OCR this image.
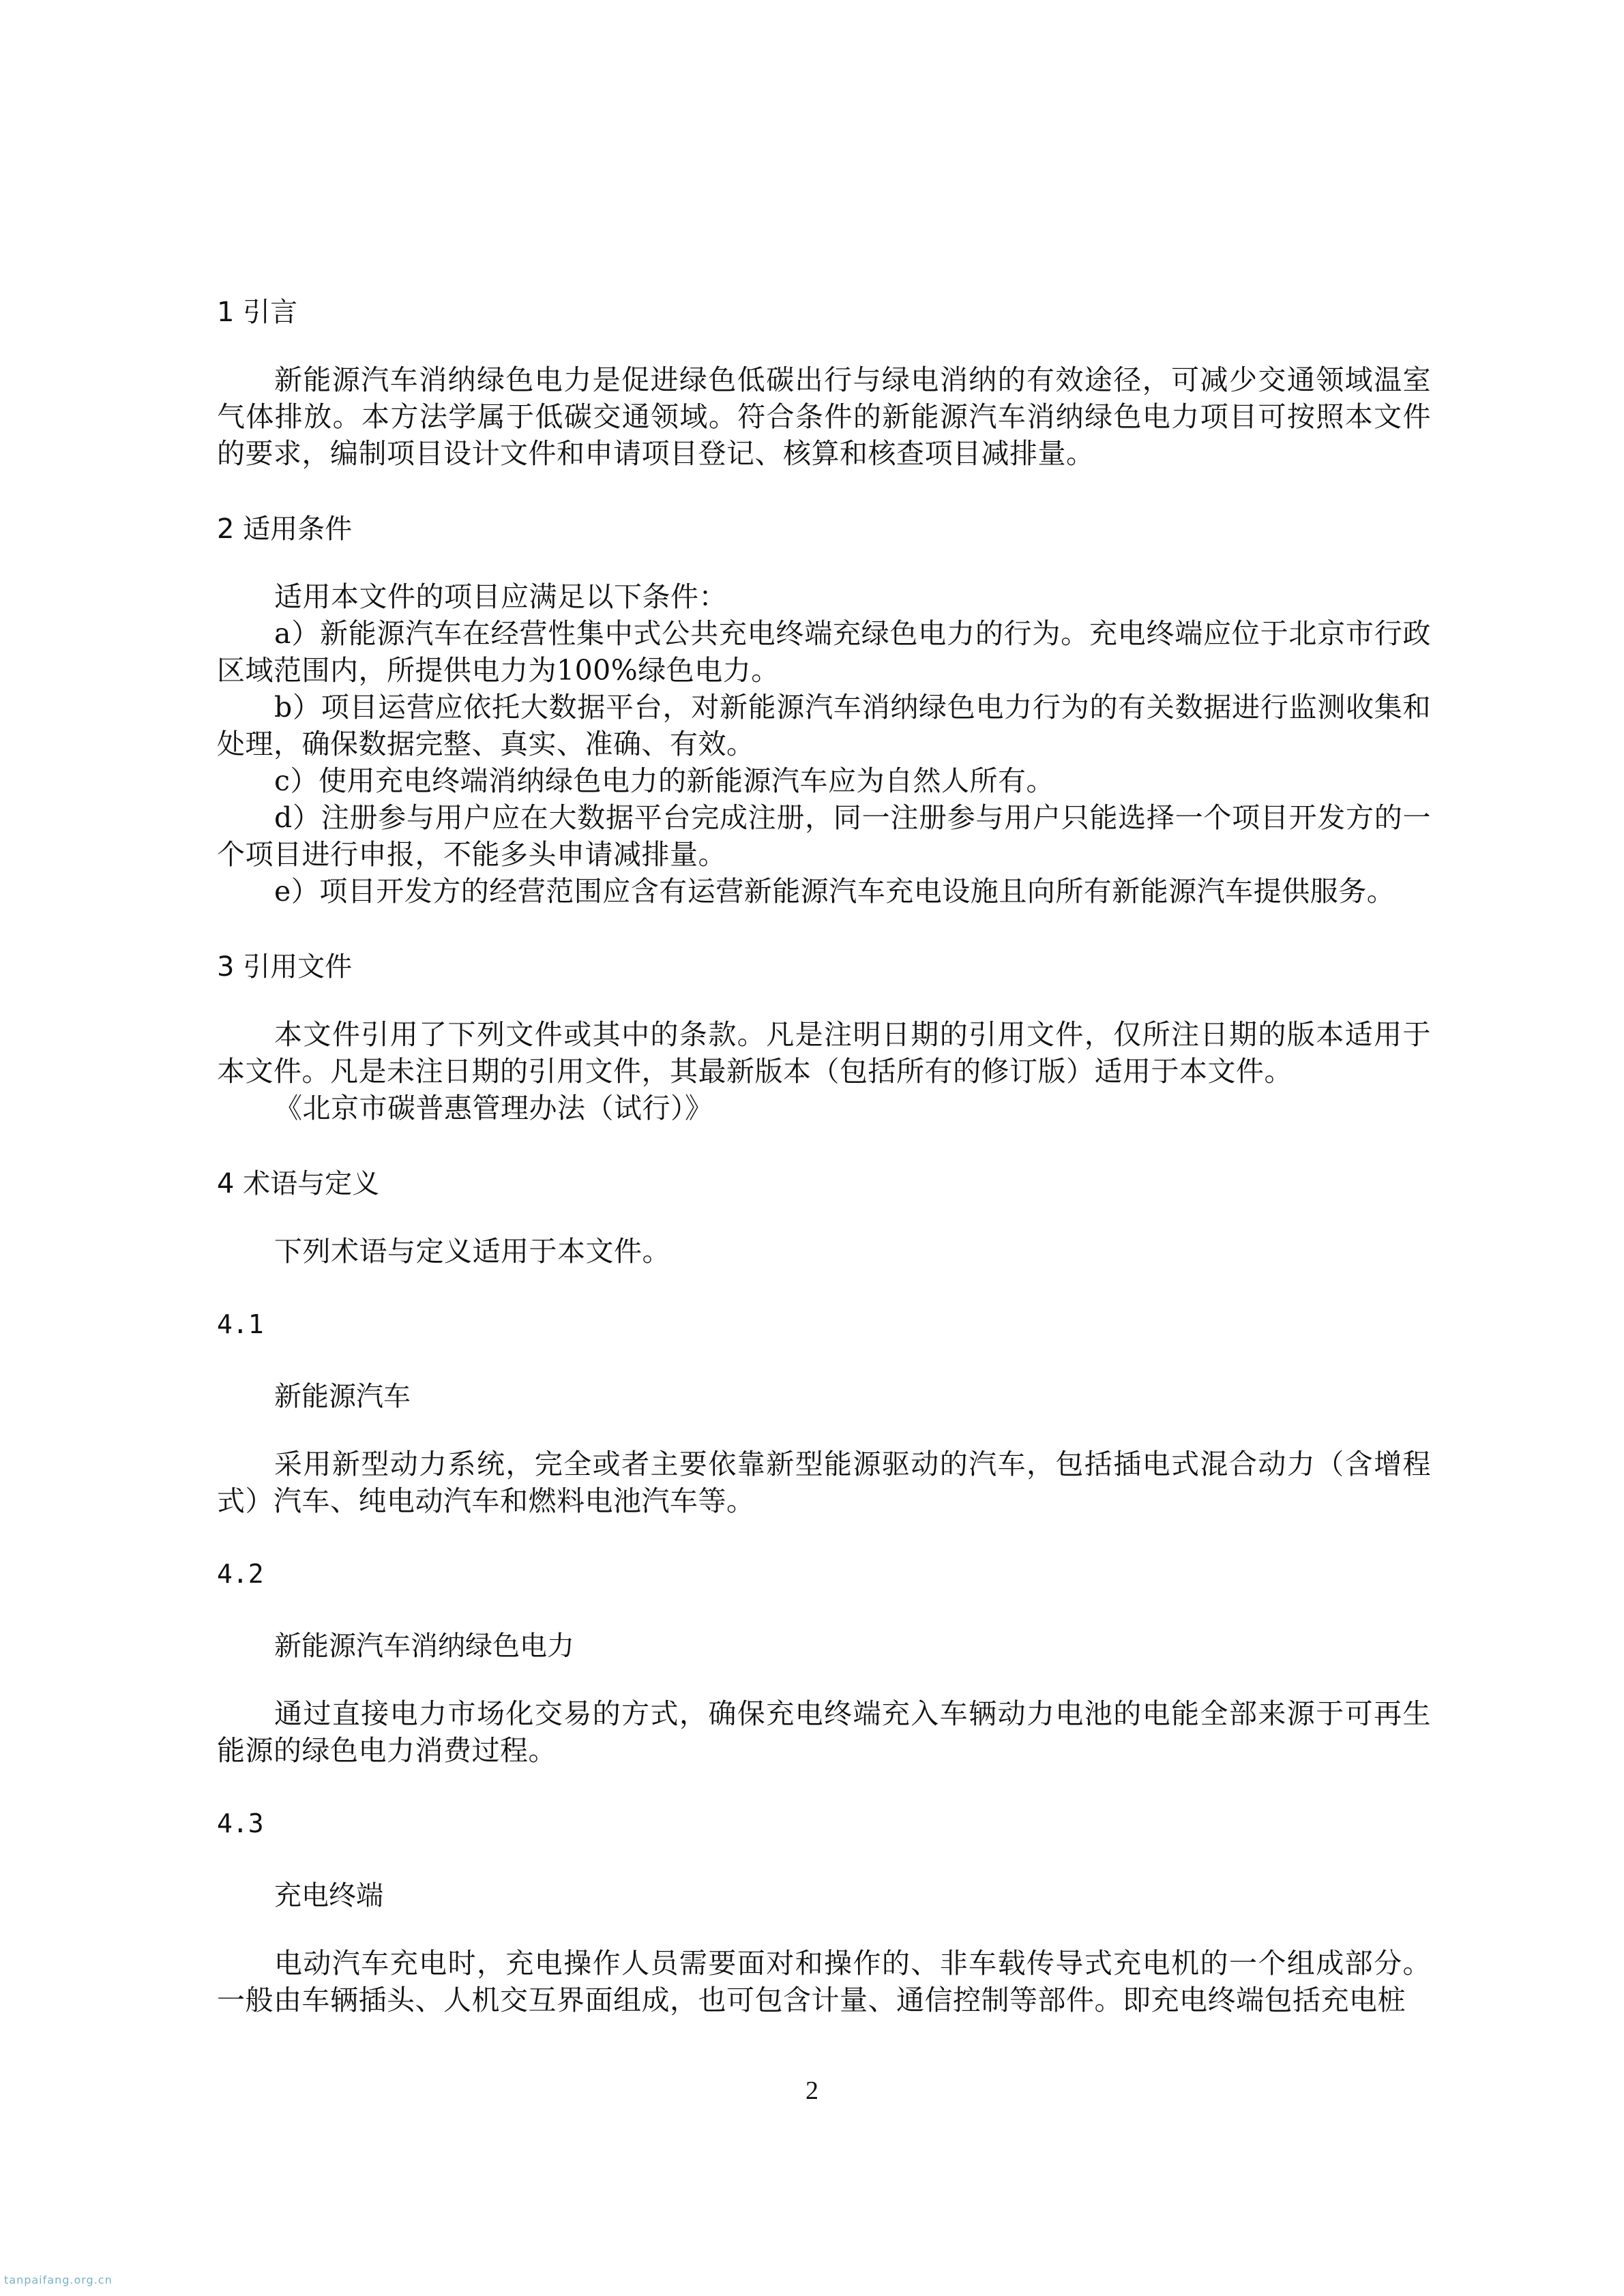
1 引言

新能源汽车消纳绿色电力是促进绿色低碳出行与绿电消纳的有效途径，可减少交通领域温室气体排放。本方法学属于低碳交通领域。符合条件的新能源汽车消纳绿色电力项目可按照本文件的要求，编制项目设计文件和申请项目登记、核算和核查项目减排量。

2 适用条件

适用本文件的项目应满足以下条件：

a）新能源汽车在经营性集中式公共充电终端充绿色电力的行为。充电终端应位于北京市行政区域范围内，所提供电力为100%绿色电力。

b）项目运营应依托大数据平台，对新能源汽车消纳绿色电力行为的有关数据进行监测收集和处理，确保数据完整、真实、准确、有效。

c）使用充电终端消纳绿色电力的新能源汽车应为自然人所有。

d）注册参与用户应在大数据平台完成注册，同一注册参与用户只能选择一个项目开发方的一个项目进行申报，不能多头申请减排量。

e）项目开发方的经营范围应含有运营新能源汽车充电设施且向所有新能源汽车提供服务。

3 引用文件

本文件引用了下列文件或其中的条款。凡是注明日期的引用文件，仅所注日期的版本适用于本文件。凡是未注日期的引用文件，其最新版本（包括所有的修订版）适用于本文件。

《北京市碳普惠管理办法（试行）》

4 术语与定义

下列术语与定义适用于本文件。

4.1

新能源汽车

采用新型动力系统，完全或者主要依靠新型能源驱动的汽车，包括插电式混合动力（含增程式）汽车、纯电动汽车和燃料电池汽车等。

4.2

新能源汽车消纳绿色电力

通过直接电力市场化交易的方式，确保充电终端充入车辆动力电池的电能全部来源于可再生能源的绿色电力消费过程。

4.3

充电终端

电动汽车充电时，充电操作人员需要面对和操作的、非车载传导式充电机的一个组成部分。一般由车辆插头、人机交互界面组成，也可包含计量、通信控制等部件。即充电终端包括充电桩

2
tanpaifang.org.cn
